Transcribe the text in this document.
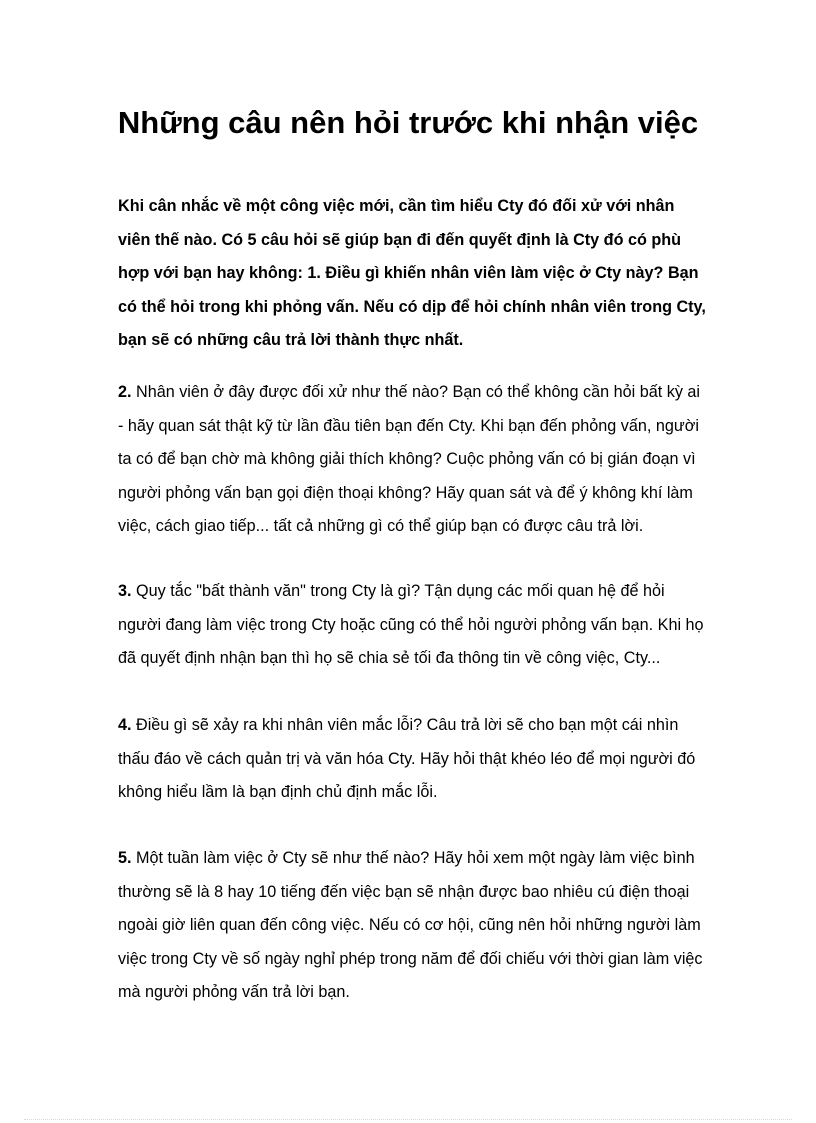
Những câu nên hỏi trước khi nhận việc

Khi cân nhắc về một công việc mới, cần tìm hiểu Cty đó đối xử với nhân viên thế nào. Có 5 câu hỏi sẽ giúp bạn đi đến quyết định là Cty đó có phù hợp với bạn hay không: 1. Điều gì khiến nhân viên làm việc ở Cty này? Bạn có thể hỏi trong khi phỏng vấn. Nếu có dịp để hỏi chính nhân viên trong Cty, bạn sẽ có những câu trả lời thành thực nhất.

2. Nhân viên ở đây được đối xử như thế nào? Bạn có thể không cần hỏi bất kỳ ai - hãy quan sát thật kỹ từ lần đầu tiên bạn đến Cty. Khi bạn đến phỏng vấn, người ta có để bạn chờ mà không giải thích không? Cuộc phỏng vấn có bị gián đoạn vì người phỏng vấn bạn gọi điện thoại không? Hãy quan sát và để ý không khí làm việc, cách giao tiếp... tất cả những gì có thể giúp bạn có được câu trả lời.

3. Quy tắc "bất thành văn" trong Cty là gì? Tận dụng các mối quan hệ để hỏi người đang làm việc trong Cty hoặc cũng có thể hỏi người phỏng vấn bạn. Khi họ đã quyết định nhận bạn thì họ sẽ chia sẻ tối đa thông tin về công việc, Cty...

4. Điều gì sẽ xảy ra khi nhân viên mắc lỗi? Câu trả lời sẽ cho bạn một cái nhìn thấu đáo về cách quản trị và văn hóa Cty. Hãy hỏi thật khéo léo để mọi người đó không hiểu lầm là bạn định chủ định mắc lỗi.

5. Một tuần làm việc ở Cty sẽ như thế nào? Hãy hỏi xem một ngày làm việc bình thường sẽ là 8 hay 10 tiếng đến việc bạn sẽ nhận được bao nhiêu cú điện thoại ngoài giờ liên quan đến công việc. Nếu có cơ hội, cũng nên hỏi những người làm việc trong Cty về số ngày nghỉ phép trong năm để đối chiếu với thời gian làm việc mà người phỏng vấn trả lời bạn.
